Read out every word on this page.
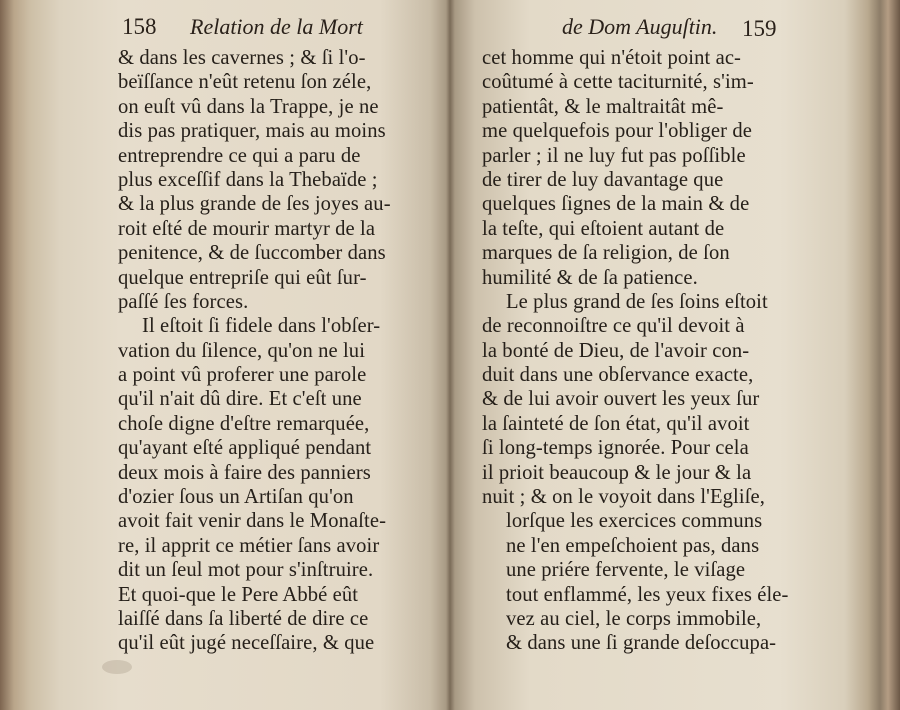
158 Relation de la Mort
& dans les cavernes ; & ſi l'o-
beïſſance n'eût retenu ſon zéle,
on euſt vû dans la Trappe, je ne
dis pas pratiquer, mais au moins
entreprendre ce qui a paru de
plus exceſſif dans la Thebaïde ;
& la plus grande de ſes joyes au-
roit eſté de mourir martyr de la
penitence, & de ſuccomber dans
quelque entrepriſe qui eût ſur-
paſſé ſes forces.
Il eſtoit ſi fidele dans l'obſer-
vation du ſilence, qu'on ne lui
a point vû proferer une parole
qu'il n'ait dû dire. Et c'eſt une
choſe digne d'eſtre remarquée,
qu'ayant eſté appliqué pendant
deux mois à faire des panniers
d'ozier ſous un Artiſan qu'on
avoit fait venir dans le Monaſte-
re, il apprit ce métier ſans avoir
dit un ſeul mot pour s'inſtruire.
Et quoi-que le Pere Abbé eût
laiſſé dans ſa liberté de dire ce
qu'il eût jugé neceſſaire, & que
de Dom Auguſtin. 159
cet homme qui n'étoit point ac-
coûtumé à cette taciturnité, s'im-
patientât, & le maltraitât mê-
me quelquefois pour l'obliger de
parler ; il ne luy fut pas poſſible
de tirer de luy davantage que
quelques ſignes de la main & de
la teſte, qui eſtoient autant de
marques de ſa religion, de ſon
humilité & de ſa patience.
Le plus grand de ſes ſoins eſtoit
de reconnoiſtre ce qu'il devoit à
la bonté de Dieu, de l'avoir con-
duit dans une obſervance exacte,
& de lui avoir ouvert les yeux ſur
la ſainteté de ſon état, qu'il avoit
ſi long-temps ignorée. Pour cela
il prioit beaucoup & le jour & la
nuit ; & on le voyoit dans l'Egliſe,
lorſque les exercices communs
ne l'en empeſchoient pas, dans
une priére fervente, le viſage
tout enflammé, les yeux fixes éle-
vez au ciel, le corps immobile,
& dans une ſi grande deſoccupa-
